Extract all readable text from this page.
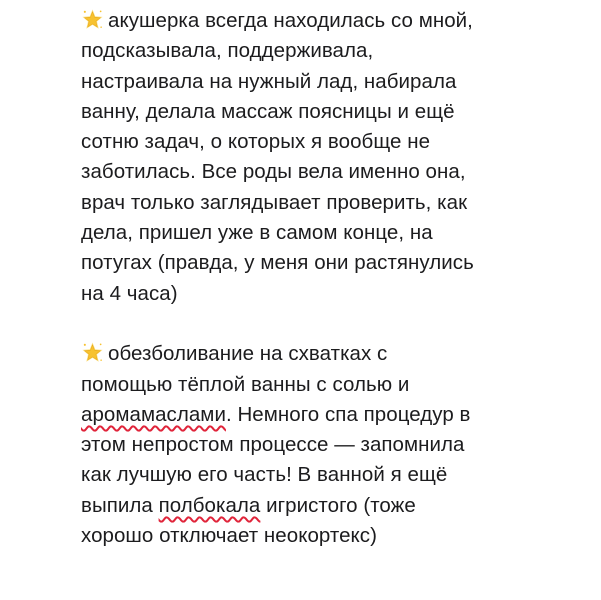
акушерка всегда находилась со мной,
подсказывала, поддерживала,
настраивала на нужный лад, набирала
ванну, делала массаж поясницы и ещё
сотню задач, о которых я вообще не
заботилась. Все роды вела именно она,
врач только заглядывает проверить, как
дела, пришел уже в самом конце, на
потугах (правда, у меня они растянулись
на 4 часа)

обезболивание на схватках с
помощью тёплой ванны с солью и
аромамаслами. Немного спа процедур в
этом непростом процессе — запомнила
как лучшую его часть! В ванной я ещё
выпила полбокала игристого (тоже
хорошо отключает неокортекс)
